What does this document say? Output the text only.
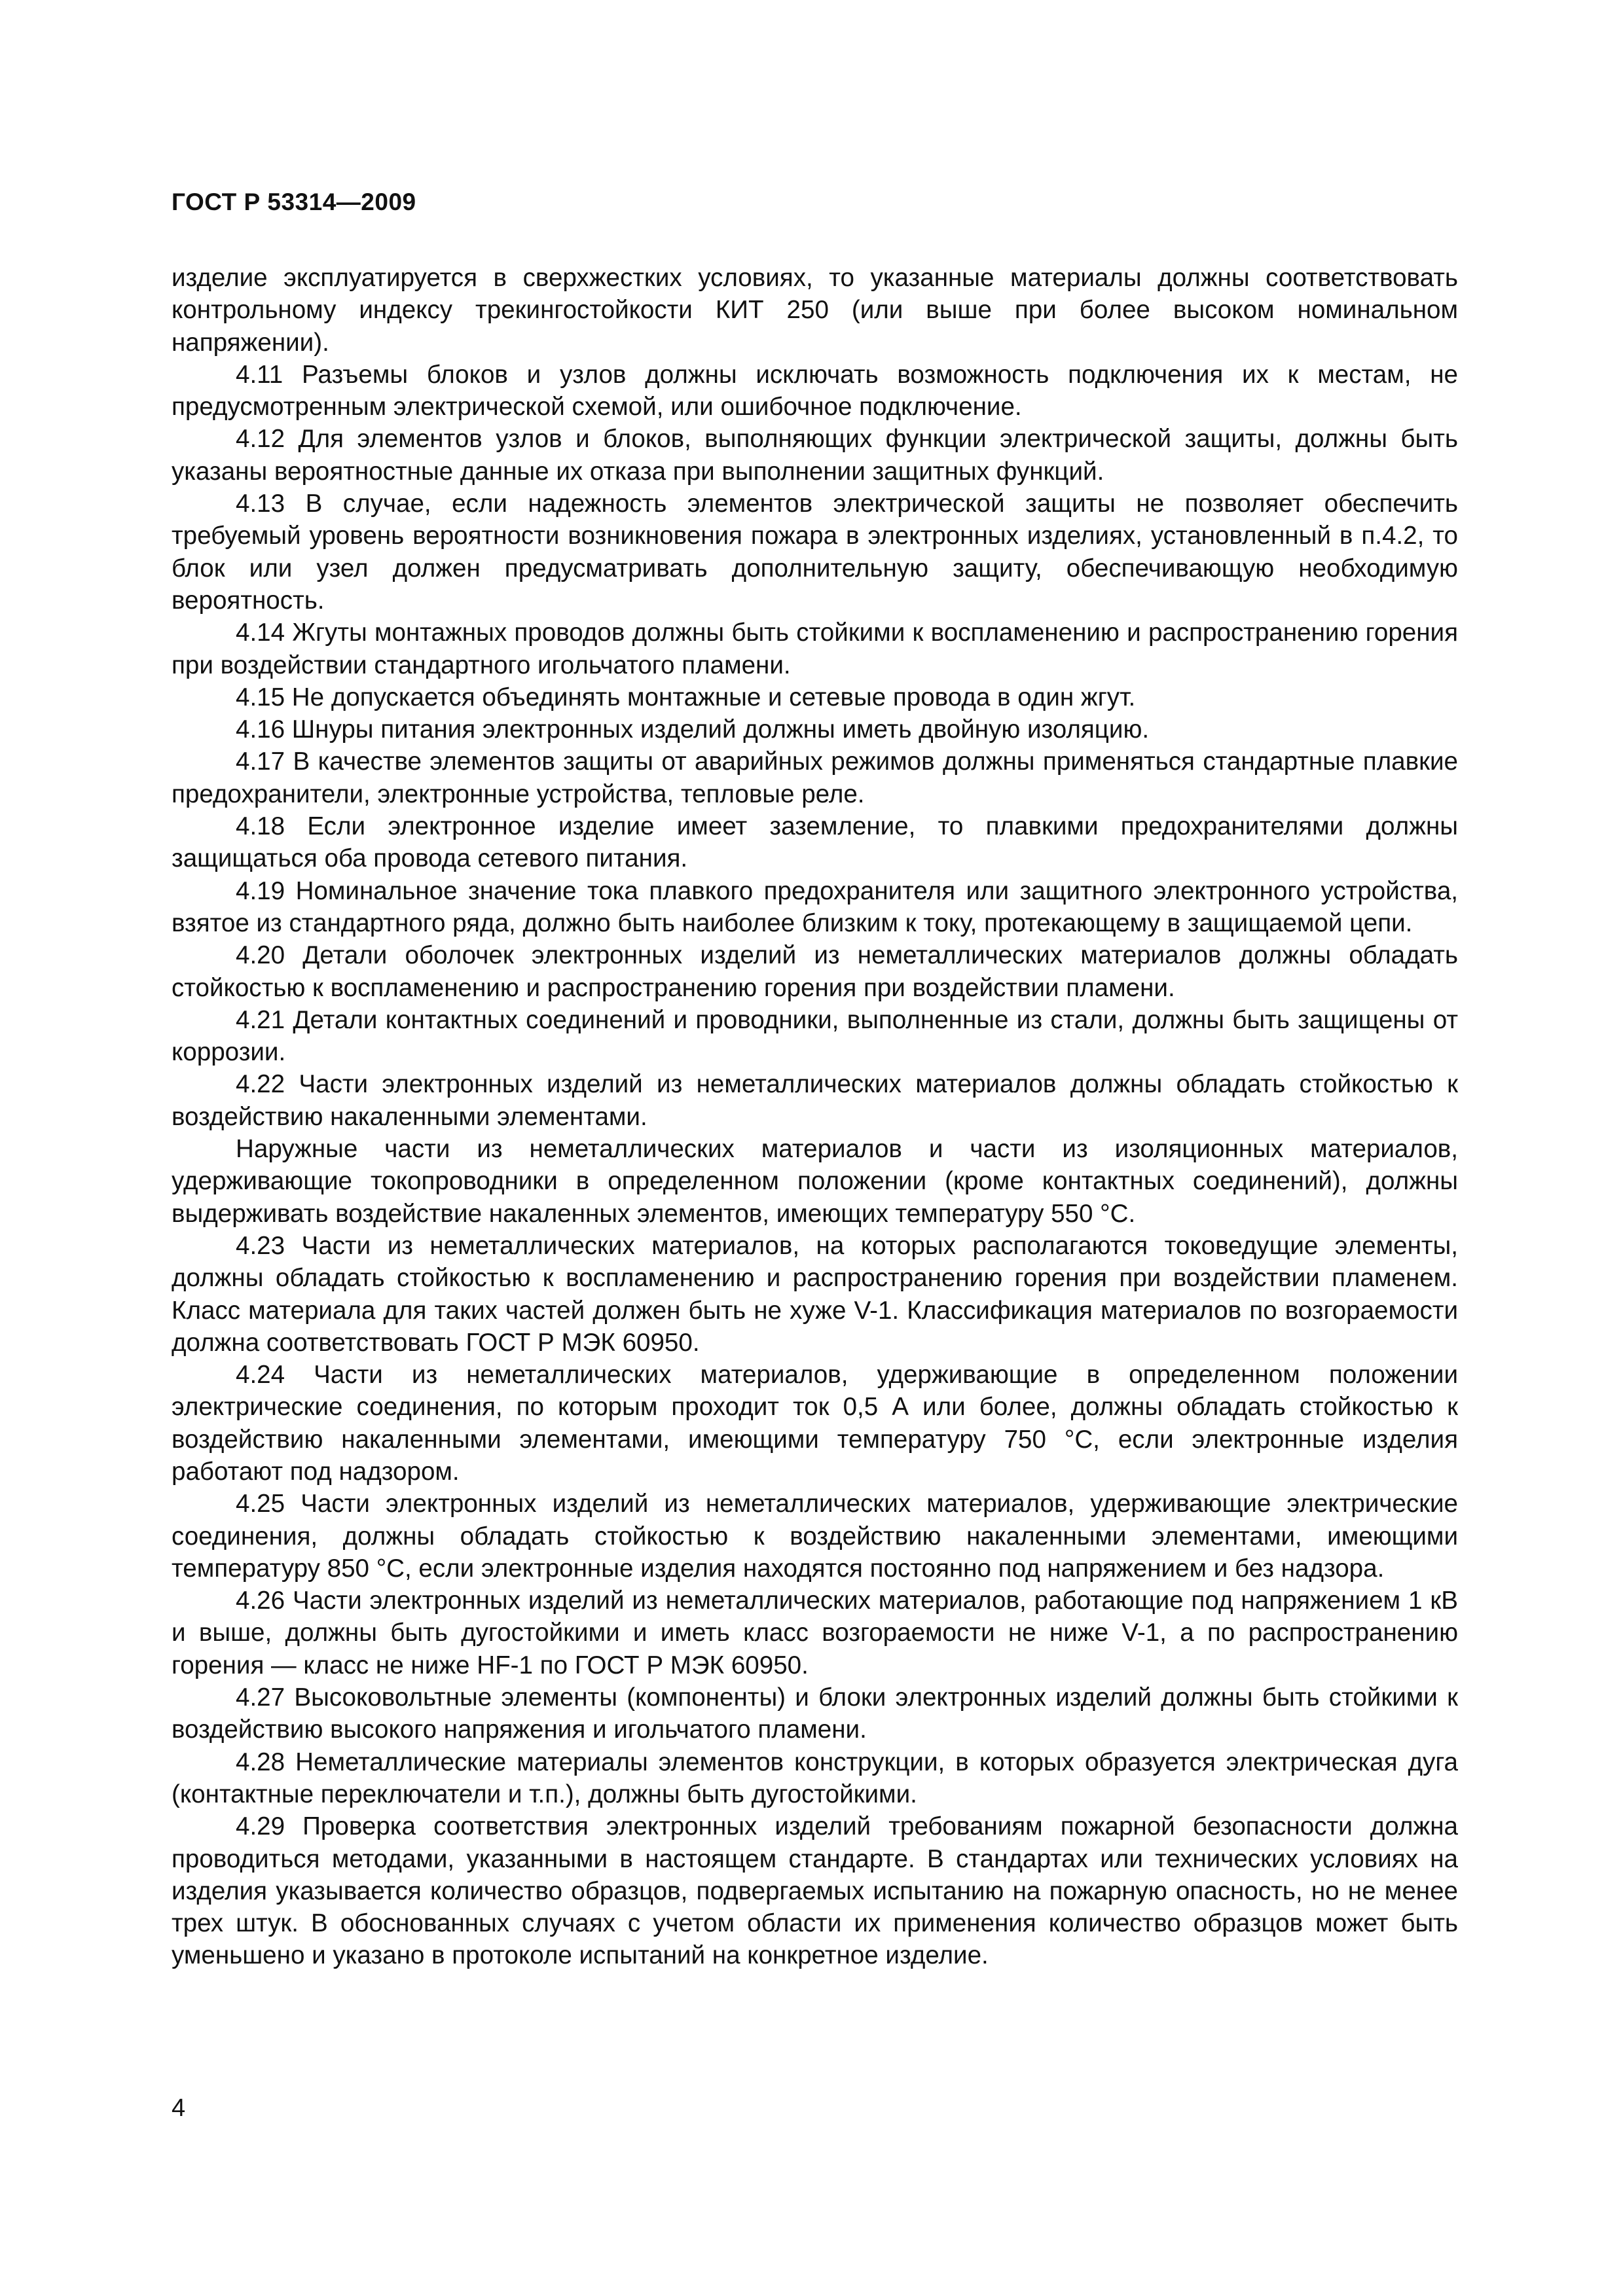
ГОСТ Р 53314—2009

изделие эксплуатируется в сверхжестких условиях, то указанные материалы должны соответствовать контрольному индексу трекингостойкости КИТ 250 (или выше при более высоком номинальном напряжении).

4.11 Разъемы блоков и узлов должны исключать возможность подключения их к местам, не предусмотренным электрической схемой, или ошибочное подключение.

4.12 Для элементов узлов и блоков, выполняющих функции электрической защиты, должны быть указаны вероятностные данные их отказа при выполнении защитных функций.

4.13 В случае, если надежность элементов электрической защиты не позволяет обеспечить требуемый уровень вероятности возникновения пожара в электронных изделиях, установленный в п.4.2, то блок или узел должен предусматривать дополнительную защиту, обеспечивающую необходимую вероятность.

4.14 Жгуты монтажных проводов должны быть стойкими к воспламенению и распространению горения при воздействии стандартного игольчатого пламени.

4.15 Не допускается объединять монтажные и сетевые провода в один жгут.

4.16 Шнуры питания электронных изделий должны иметь двойную изоляцию.

4.17 В качестве элементов защиты от аварийных режимов должны применяться стандартные плавкие предохранители, электронные устройства, тепловые реле.

4.18 Если электронное изделие имеет заземление, то плавкими предохранителями должны защищаться оба провода сетевого питания.

4.19 Номинальное значение тока плавкого предохранителя или защитного электронного устройства, взятое из стандартного ряда, должно быть наиболее близким к току, протекающему в защищаемой цепи.

4.20 Детали оболочек электронных изделий из неметаллических материалов должны обладать стойкостью к воспламенению и распространению горения при воздействии пламени.

4.21 Детали контактных соединений и проводники, выполненные из стали, должны быть защищены от коррозии.

4.22 Части электронных изделий из неметаллических материалов должны обладать стойкостью к воздействию накаленными элементами.

Наружные части из неметаллических материалов и части из изоляционных материалов, удерживающие токопроводники в определенном положении (кроме контактных соединений), должны выдерживать воздействие накаленных элементов, имеющих температуру 550 °С.

4.23 Части из неметаллических материалов, на которых располагаются токоведущие элементы, должны обладать стойкостью к воспламенению и распространению горения при воздействии пламенем. Класс материала для таких частей должен быть не хуже V-1. Классификация материалов по возгораемости должна соответствовать ГОСТ Р МЭК 60950.

4.24 Части из неметаллических материалов, удерживающие в определенном положении электрические соединения, по которым проходит ток 0,5 А или более, должны обладать стойкостью к воздействию накаленными элементами, имеющими температуру 750 °С, если электронные изделия работают под надзором.

4.25 Части электронных изделий из неметаллических материалов, удерживающие электрические соединения, должны обладать стойкостью к воздействию накаленными элементами, имеющими температуру 850 °С, если электронные изделия находятся постоянно под напряжением и без надзора.

4.26 Части электронных изделий из неметаллических материалов, работающие под напряжением 1 кВ и выше, должны быть дугостойкими и иметь класс возгораемости не ниже V-1, а по распространению горения — класс не ниже HF-1 по ГОСТ Р МЭК 60950.

4.27 Высоковольтные элементы (компоненты) и блоки электронных изделий должны быть стойкими к воздействию высокого напряжения и игольчатого пламени.

4.28 Неметаллические материалы элементов конструкции, в которых образуется электрическая дуга (контактные переключатели и т.п.), должны быть дугостойкими.

4.29 Проверка соответствия электронных изделий требованиям пожарной безопасности должна проводиться методами, указанными в настоящем стандарте. В стандартах или технических условиях на изделия указывается количество образцов, подвергаемых испытанию на пожарную опасность, но не менее трех штук. В обоснованных случаях с учетом области их применения количество образцов может быть уменьшено и указано в протоколе испытаний на конкретное изделие.

4
